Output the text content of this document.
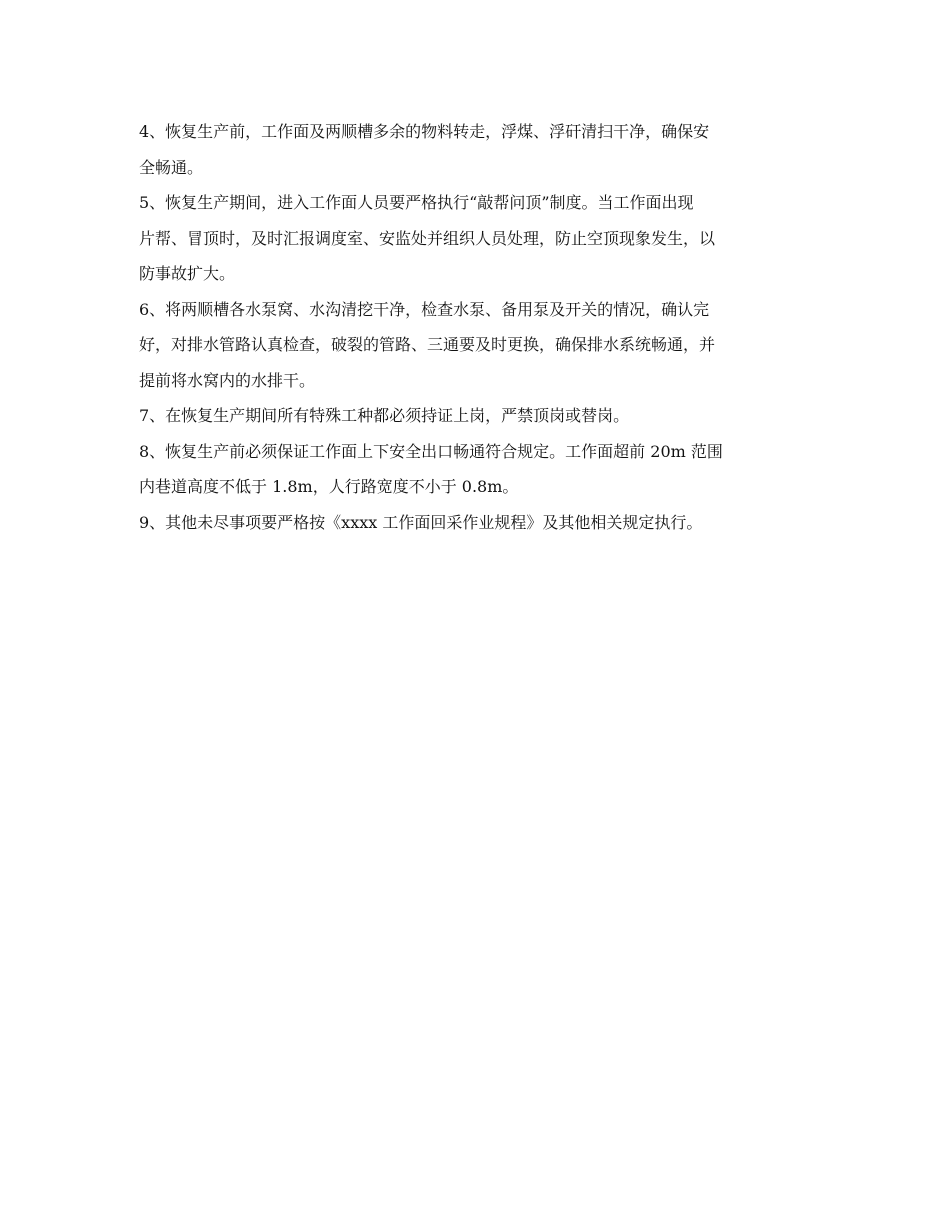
4、恢复生产前，工作面及两顺槽多余的物料转走，浮煤、浮矸清扫干净，确保安
全畅通。

5、恢复生产期间，进入工作面人员要严格执行“敲帮问顶”制度。当工作面出现
片帮、冒顶时，及时汇报调度室、安监处并组织人员处理，防止空顶现象发生，以
防事故扩大。

6、将两顺槽各水泵窝、水沟清挖干净，检查水泵、备用泵及开关的情况，确认完
好，对排水管路认真检查，破裂的管路、三通要及时更换，确保排水系统畅通，并
提前将水窝内的水排干。

7、在恢复生产期间所有特殊工种都必须持证上岗，严禁顶岗或替岗。

8、恢复生产前必须保证工作面上下安全出口畅通符合规定。工作面超前 20m 范围
内巷道高度不低于 1.8m，人行路宽度不小于 0.8m。

9、其他未尽事项要严格按《xxxx 工作面回采作业规程》及其他相关规定执行。
